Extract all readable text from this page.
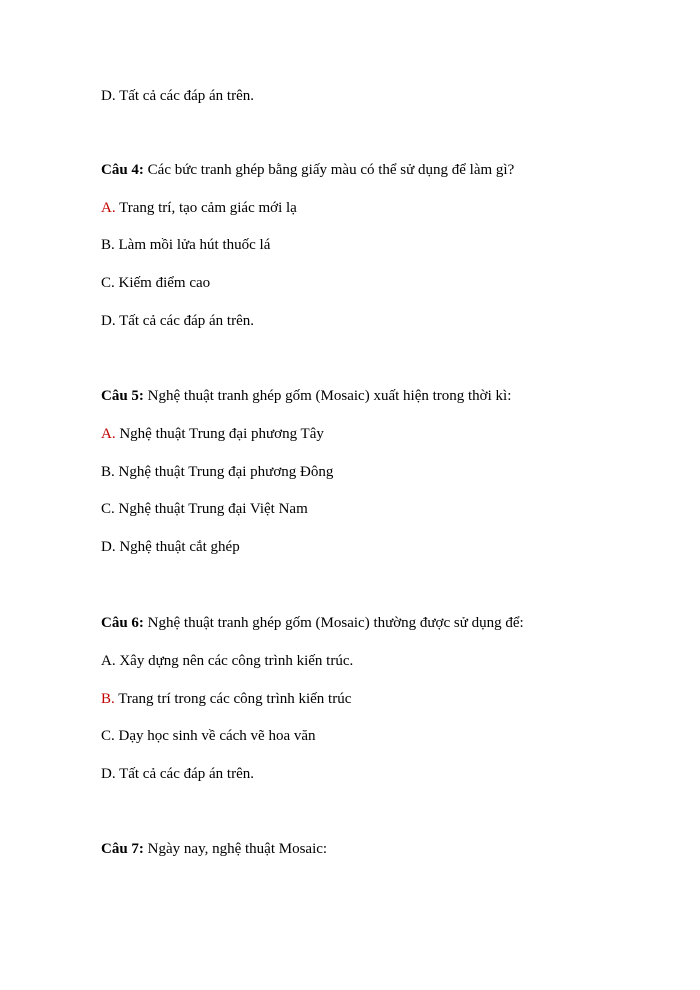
D. Tất cả các đáp án trên.
Câu 4: Các bức tranh ghép bằng giấy màu có thể sử dụng để làm gì?
A. Trang trí, tạo cảm giác mới lạ
B. Làm mồi lửa hút thuốc lá
C. Kiếm điểm cao
D. Tất cả các đáp án trên.
Câu 5: Nghệ thuật tranh ghép gốm (Mosaic) xuất hiện trong thời kì:
A. Nghệ thuật Trung đại phương Tây
B. Nghệ thuật Trung đại phương Đông
C. Nghệ thuật Trung đại Việt Nam
D. Nghệ thuật cắt ghép
Câu 6: Nghệ thuật tranh ghép gốm (Mosaic) thường được sử dụng để:
A. Xây dựng nên các công trình kiến trúc.
B. Trang trí trong các công trình kiến trúc
C. Dạy học sinh về cách vẽ hoa văn
D. Tất cả các đáp án trên.
Câu 7: Ngày nay, nghệ thuật Mosaic:
